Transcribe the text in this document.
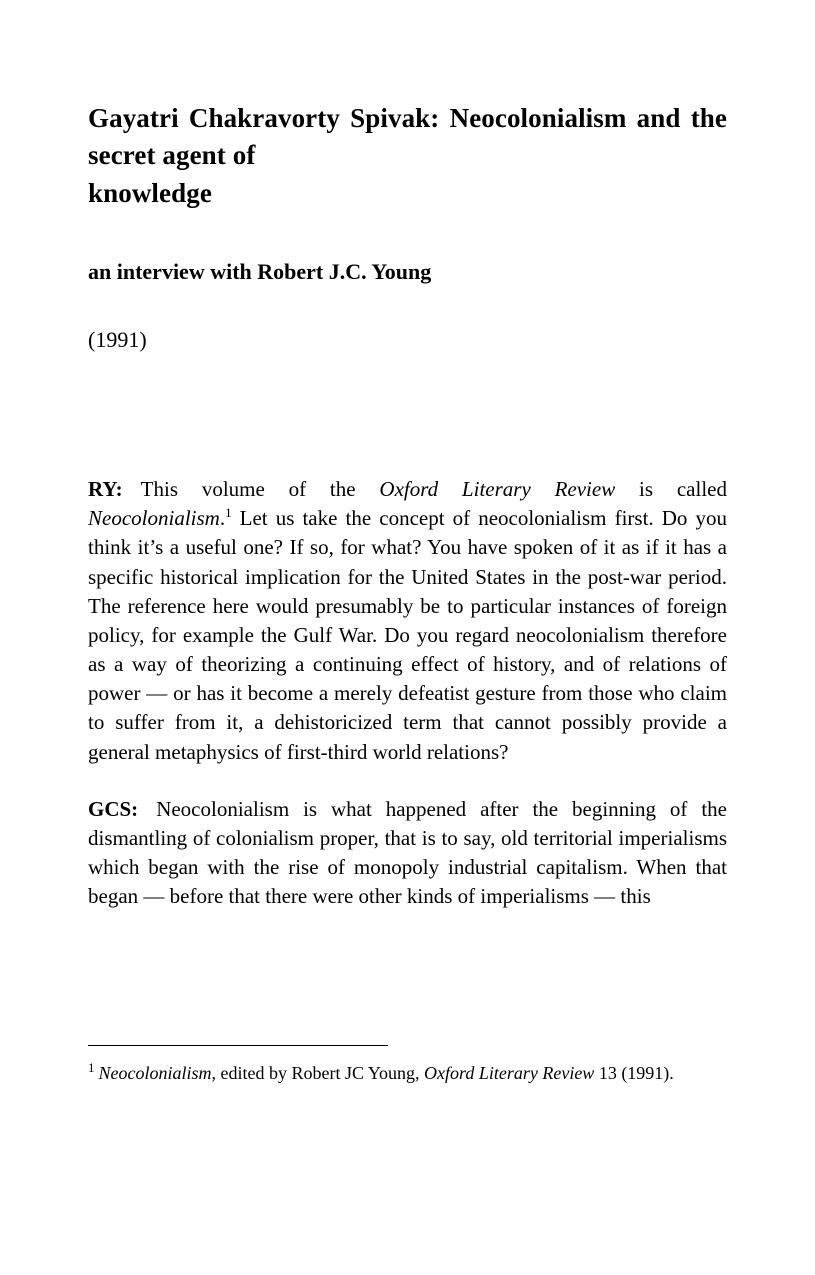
Gayatri Chakravorty Spivak: Neocolonialism and the secret agent of
knowledge
an interview with Robert J.C. Young
(1991)

RY: This volume of the Oxford Literary Review is called Neocolonialism.$^1$ Let us take the concept of neocolonialism first. Do you think it’s a useful one? If so, for what? You have spoken of it as if it has a specific historical implication for the United States in the post-war period. The reference here would presumably be to particular instances of foreign policy, for example the Gulf War. Do you regard neocolonialism therefore as a way of theorizing a continuing effect of history, and of relations of power — or has it become a merely defeatist gesture from those who claim to suffer from it, a dehistoricized term that cannot possibly provide a general metaphysics of first-third world relations?

GCS: Neocolonialism is what happened after the beginning of the dismantling of colonialism proper, that is to say, old territorial imperialisms which began with the rise of monopoly industrial capitalism. When that began — before that there were other kinds of imperialisms — this

$^1$ Neocolonialism, edited by Robert JC Young, Oxford Literary Review 13 (1991).
